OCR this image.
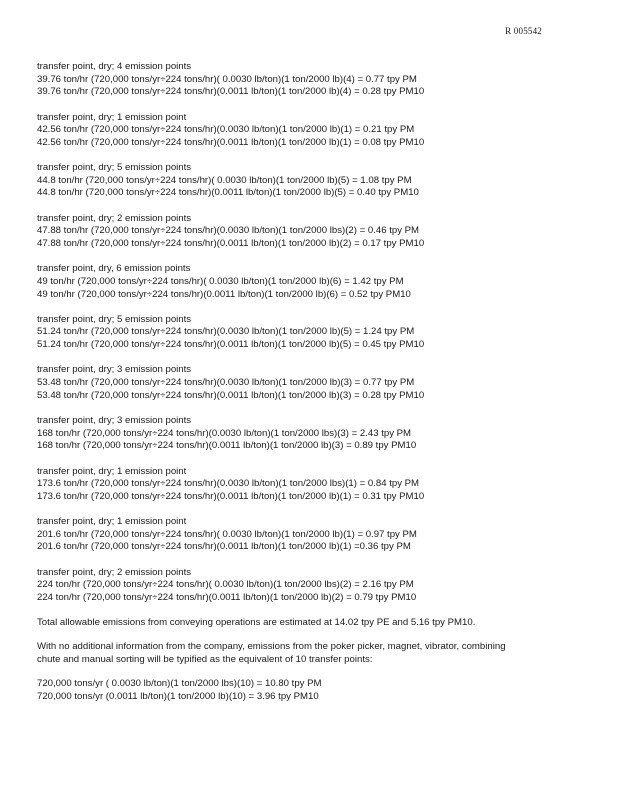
R 005542
transfer point, dry; 4 emission points
39.76 ton/hr (720,000 tons/yr÷224 tons/hr)( 0.0030 lb/ton)(1 ton/2000 lb)(4) = 0.77 tpy PM
39.76 ton/hr (720,000 tons/yr÷224 tons/hr)(0.0011 lb/ton)(1 ton/2000 lb)(4) = 0.28 tpy PM10
transfer point, dry; 1 emission point
42.56 ton/hr (720,000 tons/yr÷224 tons/hr)(0.0030 lb/ton)(1 ton/2000 lb)(1) = 0.21 tpy PM
42.56 ton/hr (720,000 tons/yr÷224 tons/hr)(0.0011 lb/ton)(1 ton/2000 lb)(1) = 0.08 tpy PM10
transfer point, dry; 5 emission points
44.8 ton/hr (720,000 tons/yr÷224 tons/hr)( 0.0030 lb/ton)(1 ton/2000 lb)(5) = 1.08 tpy PM
44.8 ton/hr (720,000 tons/yr÷224 tons/hr)(0.0011 lb/ton)(1 ton/2000 lb)(5) = 0.40 tpy PM10
transfer point, dry; 2 emission points
47.88 ton/hr (720,000 tons/yr÷224 tons/hr)(0.0030 lb/ton)(1 ton/2000 lbs)(2) = 0.46 tpy PM
47.88 ton/hr (720,000 tons/yr÷224 tons/hr)(0.0011 lb/ton)(1 ton/2000 lb)(2) = 0.17 tpy PM10
transfer point, dry, 6 emission points
49 ton/hr (720,000 tons/yr÷224 tons/hr)( 0.0030 lb/ton)(1 ton/2000 lb)(6) = 1.42 tpy PM
49 ton/hr (720,000 tons/yr÷224 tons/hr)(0.0011 lb/ton)(1 ton/2000 lb)(6) = 0.52 tpy PM10
transfer point, dry; 5 emission points
51.24 ton/hr (720,000 tons/yr÷224 tons/hr)(0.0030 lb/ton)(1 ton/2000 lb)(5) = 1.24 tpy PM
51.24 ton/hr (720,000 tons/yr÷224 tons/hr)(0.0011 lb/ton)(1 ton/2000 lb)(5) = 0.45 tpy PM10
transfer point, dry; 3 emission points
53.48 ton/hr (720,000 tons/yr÷224 tons/hr)(0.0030 lb/ton)(1 ton/2000 lb)(3) = 0.77 tpy PM
53.48 ton/hr (720,000 tons/yr÷224 tons/hr)(0.0011 lb/ton)(1 ton/2000 lb)(3) = 0.28 tpy PM10
transfer point, dry; 3 emission points
168 ton/hr (720,000 tons/yr÷224 tons/hr)(0.0030 lb/ton)(1 ton/2000 lbs)(3) = 2.43 tpy PM
168 ton/hr (720,000 tons/yr÷224 tons/hr)(0.0011 lb/ton)(1 ton/2000 lb)(3) = 0.89 tpy PM10
transfer point, dry; 1 emission point
173.6 ton/hr (720,000 tons/yr÷224 tons/hr)(0.0030 lb/ton)(1 ton/2000 lbs)(1) = 0.84 tpy PM
173.6 ton/hr (720,000 tons/yr÷224 tons/hr)(0.0011 lb/ton)(1 ton/2000 lb)(1) = 0.31 tpy PM10
transfer point, dry; 1 emission point
201.6 ton/hr (720,000 tons/yr÷224 tons/hr)( 0.0030 lb/ton)(1 ton/2000 lb)(1) = 0.97 tpy PM
201.6 ton/hr (720,000 tons/yr÷224 tons/hr)(0.0011 lb/ton)(1 ton/2000 lb)(1) =0.36 tpy PM
transfer point, dry; 2 emission points
224 ton/hr (720,000 tons/yr÷224 tons/hr)( 0.0030 lb/ton)(1 ton/2000 lbs)(2) = 2.16 tpy PM
224 ton/hr (720,000 tons/yr÷224 tons/hr)(0.0011 lb/ton)(1 ton/2000 lb)(2) = 0.79 tpy PM10
Total allowable emissions from conveying operations are estimated at 14.02 tpy PE and 5.16 tpy PM10.
With no additional information from the company, emissions from the poker picker, magnet, vibrator, combining
chute and manual sorting will be typified as the equivalent of 10 transfer points:
720,000 tons/yr ( 0.0030 lb/ton)(1 ton/2000 lbs)(10) = 10.80 tpy PM
720,000 tons/yr (0.0011 lb/ton)(1 ton/2000 lb)(10) = 3.96 tpy PM10
